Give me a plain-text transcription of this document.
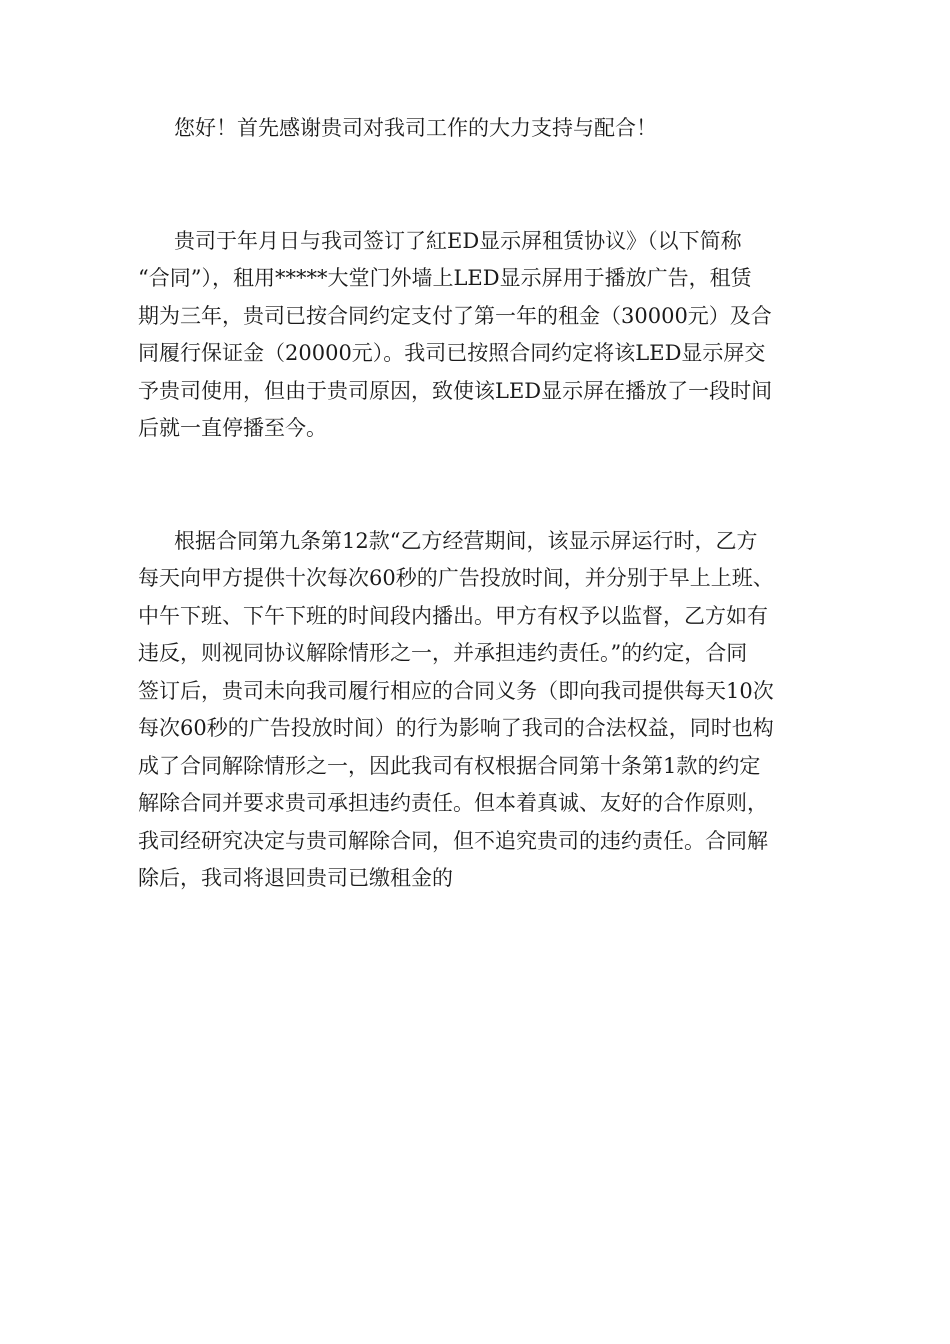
您好！首先感谢贵司对我司工作的大力支持与配合！
贵司于年月日与我司签订了紅ED显示屏租赁协议》（以下简称
“合同”），租用*****大堂门外墙上LED显示屏用于播放广告，租赁
期为三年，贵司已按合同约定支付了第一年的租金（30000元）及合
同履行保证金（20000元）。我司已按照合同约定将该LED显示屏交
予贵司使用，但由于贵司原因，致使该LED显示屏在播放了一段时间
后就一直停播至今。
根据合同第九条第12款“乙方经营期间，该显示屏运行时，乙方
每天向甲方提供十次每次60秒的广告投放时间，并分别于早上上班、
中午下班、下午下班的时间段内播出。甲方有权予以监督，乙方如有
违反，则视同协议解除情形之一，并承担违约责任。”的约定，合同
签订后，贵司未向我司履行相应的合同义务（即向我司提供每天10次
每次60秒的广告投放时间）的行为影响了我司的合法权益，同时也构
成了合同解除情形之一，因此我司有权根据合同第十条第1款的约定
解除合同并要求贵司承担违约责任。但本着真诚、友好的合作原则，
我司经研究决定与贵司解除合同，但不追究贵司的违约责任。合同解
除后，我司将退回贵司已缴租金的
